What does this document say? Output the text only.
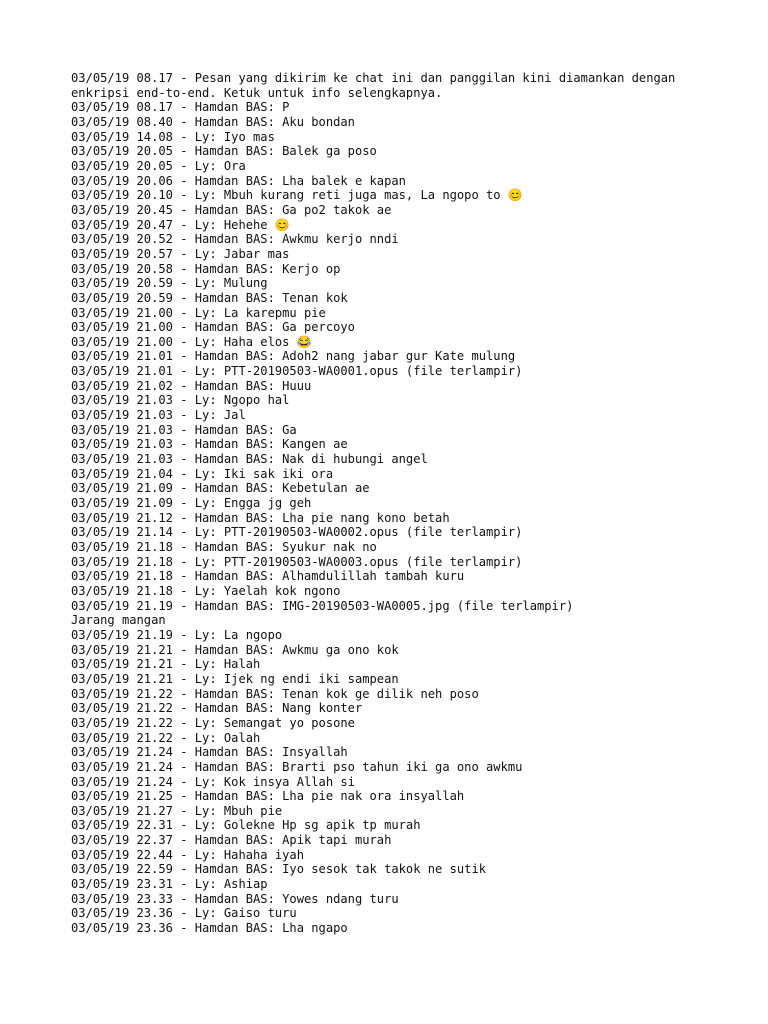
03/05/19 08.17 - Pesan yang dikirim ke chat ini dan panggilan kini diamankan dengan
enkripsi end-to-end. Ketuk untuk info selengkapnya.
03/05/19 08.17 - Hamdan BAS: P
03/05/19 08.40 - Hamdan BAS: Aku bondan
03/05/19 14.08 - Ly: Iyo mas
03/05/19 20.05 - Hamdan BAS: Balek ga poso
03/05/19 20.05 - Ly: Ora
03/05/19 20.06 - Hamdan BAS: Lha balek e kapan
03/05/19 20.10 - Ly: Mbuh kurang reti juga mas, La ngopo to 😊
03/05/19 20.45 - Hamdan BAS: Ga po2 takok ae
03/05/19 20.47 - Ly: Hehehe 😊
03/05/19 20.52 - Hamdan BAS: Awkmu kerjo nndi
03/05/19 20.57 - Ly: Jabar mas
03/05/19 20.58 - Hamdan BAS: Kerjo op
03/05/19 20.59 - Ly: Mulung
03/05/19 20.59 - Hamdan BAS: Tenan kok
03/05/19 21.00 - Ly: La karepmu pie
03/05/19 21.00 - Hamdan BAS: Ga percoyo
03/05/19 21.00 - Ly: Haha elos 😂
03/05/19 21.01 - Hamdan BAS: Adoh2 nang jabar gur Kate mulung
03/05/19 21.01 - Ly: PTT-20190503-WA0001.opus (file terlampir)
03/05/19 21.02 - Hamdan BAS: Huuu
03/05/19 21.03 - Ly: Ngopo hal
03/05/19 21.03 - Ly: Jal
03/05/19 21.03 - Hamdan BAS: Ga
03/05/19 21.03 - Hamdan BAS: Kangen ae
03/05/19 21.03 - Hamdan BAS: Nak di hubungi angel
03/05/19 21.04 - Ly: Iki sak iki ora
03/05/19 21.09 - Hamdan BAS: Kebetulan ae
03/05/19 21.09 - Ly: Engga jg geh
03/05/19 21.12 - Hamdan BAS: Lha pie nang kono betah
03/05/19 21.14 - Ly: PTT-20190503-WA0002.opus (file terlampir)
03/05/19 21.18 - Hamdan BAS: Syukur nak no
03/05/19 21.18 - Ly: PTT-20190503-WA0003.opus (file terlampir)
03/05/19 21.18 - Hamdan BAS: Alhamdulillah tambah kuru
03/05/19 21.18 - Ly: Yaelah kok ngono
03/05/19 21.19 - Hamdan BAS: IMG-20190503-WA0005.jpg (file terlampir)
Jarang mangan
03/05/19 21.19 - Ly: La ngopo
03/05/19 21.21 - Hamdan BAS: Awkmu ga ono kok
03/05/19 21.21 - Ly: Halah
03/05/19 21.21 - Ly: Ijek ng endi iki sampean
03/05/19 21.22 - Hamdan BAS: Tenan kok ge dilik neh poso
03/05/19 21.22 - Hamdan BAS: Nang konter
03/05/19 21.22 - Ly: Semangat yo posone
03/05/19 21.22 - Ly: Oalah
03/05/19 21.24 - Hamdan BAS: Insyallah
03/05/19 21.24 - Hamdan BAS: Brarti pso tahun iki ga ono awkmu
03/05/19 21.24 - Ly: Kok insya Allah si
03/05/19 21.25 - Hamdan BAS: Lha pie nak ora insyallah
03/05/19 21.27 - Ly: Mbuh pie
03/05/19 22.31 - Ly: Golekne Hp sg apik tp murah
03/05/19 22.37 - Hamdan BAS: Apik tapi murah
03/05/19 22.44 - Ly: Hahaha iyah
03/05/19 22.59 - Hamdan BAS: Iyo sesok tak takok ne sutik
03/05/19 23.31 - Ly: Ashiap
03/05/19 23.33 - Hamdan BAS: Yowes ndang turu
03/05/19 23.36 - Ly: Gaiso turu
03/05/19 23.36 - Hamdan BAS: Lha ngapo
